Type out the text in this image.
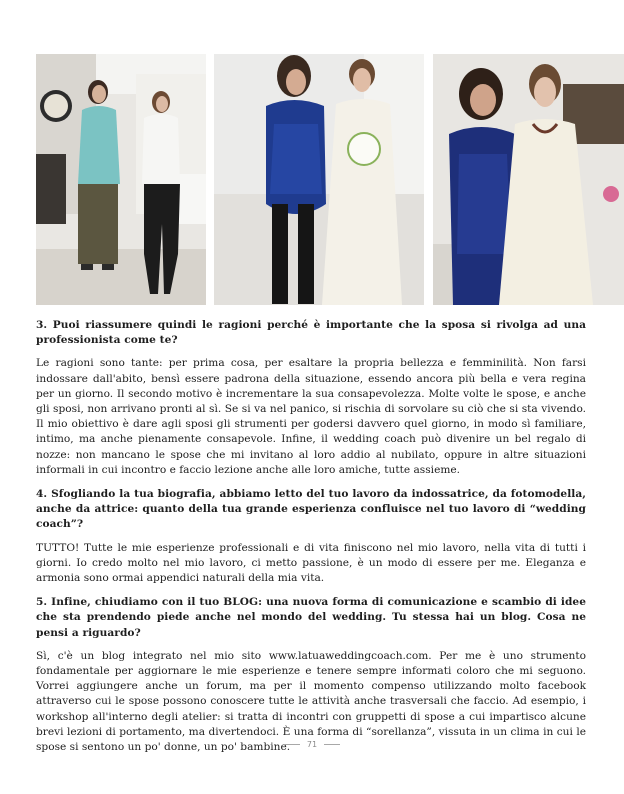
3. Puoi riassumere quindi le ragioni perché è importante che la sposa si rivolga ad una professionista come te?

Le ragioni sono tante: per prima cosa, per esaltare la propria bellezza e femminilità. Non farsi indossare dall'abito, bensì essere padrona della situazione, essendo ancora più bella e vera regina per un giorno. Il secondo motivo è incrementare la sua consapevolezza. Molte volte le spose, e anche gli sposi, non arrivano pronti al sì. Se si va nel panico, si rischia di sorvolare su ciò che si sta vivendo. Il mio obiettivo è dare agli sposi gli strumenti per godersi davvero quel giorno, in modo sì familiare, intimo, ma anche pienamente consapevole. Infine, il wedding coach può divenire un bel regalo di nozze: non mancano le spose che mi invitano al loro addio al nubilato, oppure in altre situazioni informali in cui incontro e faccio lezione anche alle loro amiche, tutte assieme.

4. Sfogliando la tua biografia, abbiamo letto del tuo lavoro da indossatrice, da fotomodella, anche da attrice: quanto della tua grande esperienza confluisce nel tuo lavoro di “wedding coach”?

TUTTO! Tutte le mie esperienze professionali e di vita finiscono nel mio lavoro, nella vita di tutti i giorni. Io credo molto nel mio lavoro, ci metto passione, è un modo di essere per me. Eleganza e armonia sono ormai appendici naturali della mia vita.

5. Infine, chiudiamo con il tuo BLOG: una nuova forma di comunicazione e scambio di idee che sta prendendo piede anche nel mondo del wedding. Tu stessa hai un blog. Cosa ne pensi a riguardo?

Sì, c'è un blog integrato nel mio sito www.latuaweddingcoach.com. Per me è uno strumento fondamentale per aggiornare le mie esperienze e tenere sempre informati coloro che mi seguono. Vorrei aggiungere anche un forum, ma per il momento compenso utilizzando molto facebook attraverso cui le spose possono conoscere tutte le attività anche trasversali che faccio. Ad esempio, i workshop all'interno degli atelier: si tratta di incontri con gruppetti di spose a cui impartisco alcune brevi lezioni di portamento, ma divertendoci. È una forma di “sorellanza”, vissuta in un clima in cui le spose si sentono un po' donne, un po' bambine.	71
